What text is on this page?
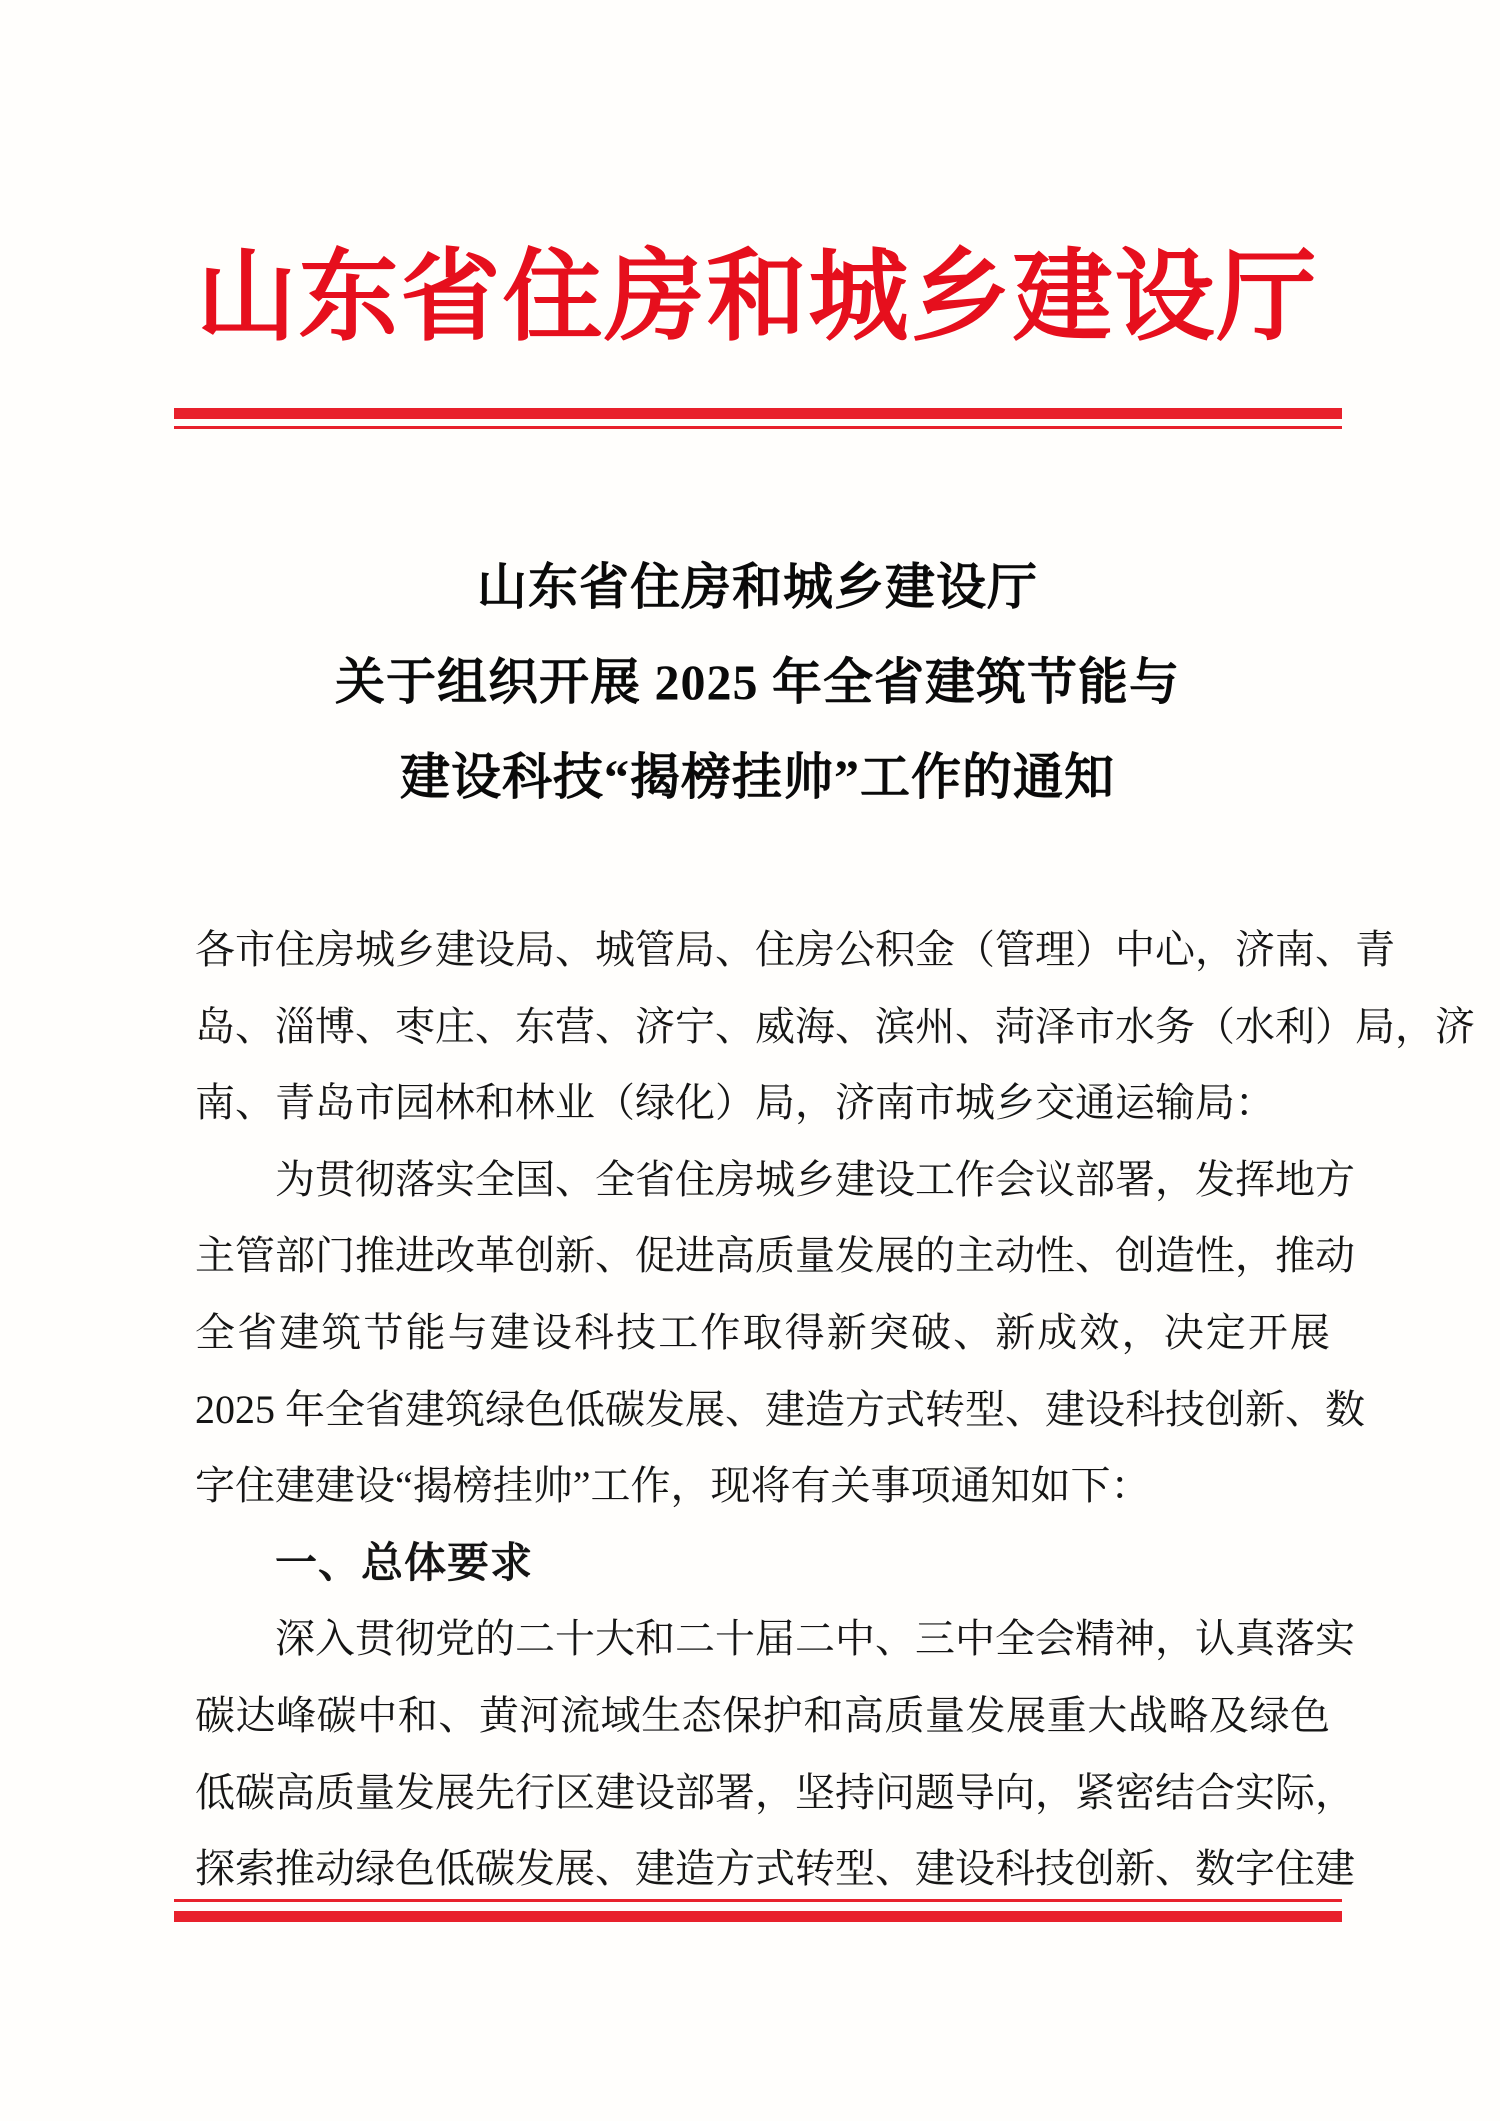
山东省住房和城乡建设厅
山东省住房和城乡建设厅
关于组织开展 2025 年全省建筑节能与
建设科技“揭榜挂帅”工作的通知
各市住房城乡建设局、城管局、住房公积金（管理）中心，济南、青
岛、淄博、枣庄、东营、济宁、威海、滨州、菏泽市水务（水利）局，济
南、青岛市园林和林业（绿化）局，济南市城乡交通运输局：
为贯彻落实全国、全省住房城乡建设工作会议部署，发挥地方
主管部门推进改革创新、促进高质量发展的主动性、创造性，推动
全省建筑节能与建设科技工作取得新突破、新成效，决定开展
2025 年全省建筑绿色低碳发展、建造方式转型、建设科技创新、数
字住建建设“揭榜挂帅”工作，现将有关事项通知如下：
一、总体要求
深入贯彻党的二十大和二十届二中、三中全会精神，认真落实
碳达峰碳中和、黄河流域生态保护和高质量发展重大战略及绿色
低碳高质量发展先行区建设部署，坚持问题导向，紧密结合实际，
探索推动绿色低碳发展、建造方式转型、建设科技创新、数字住建
